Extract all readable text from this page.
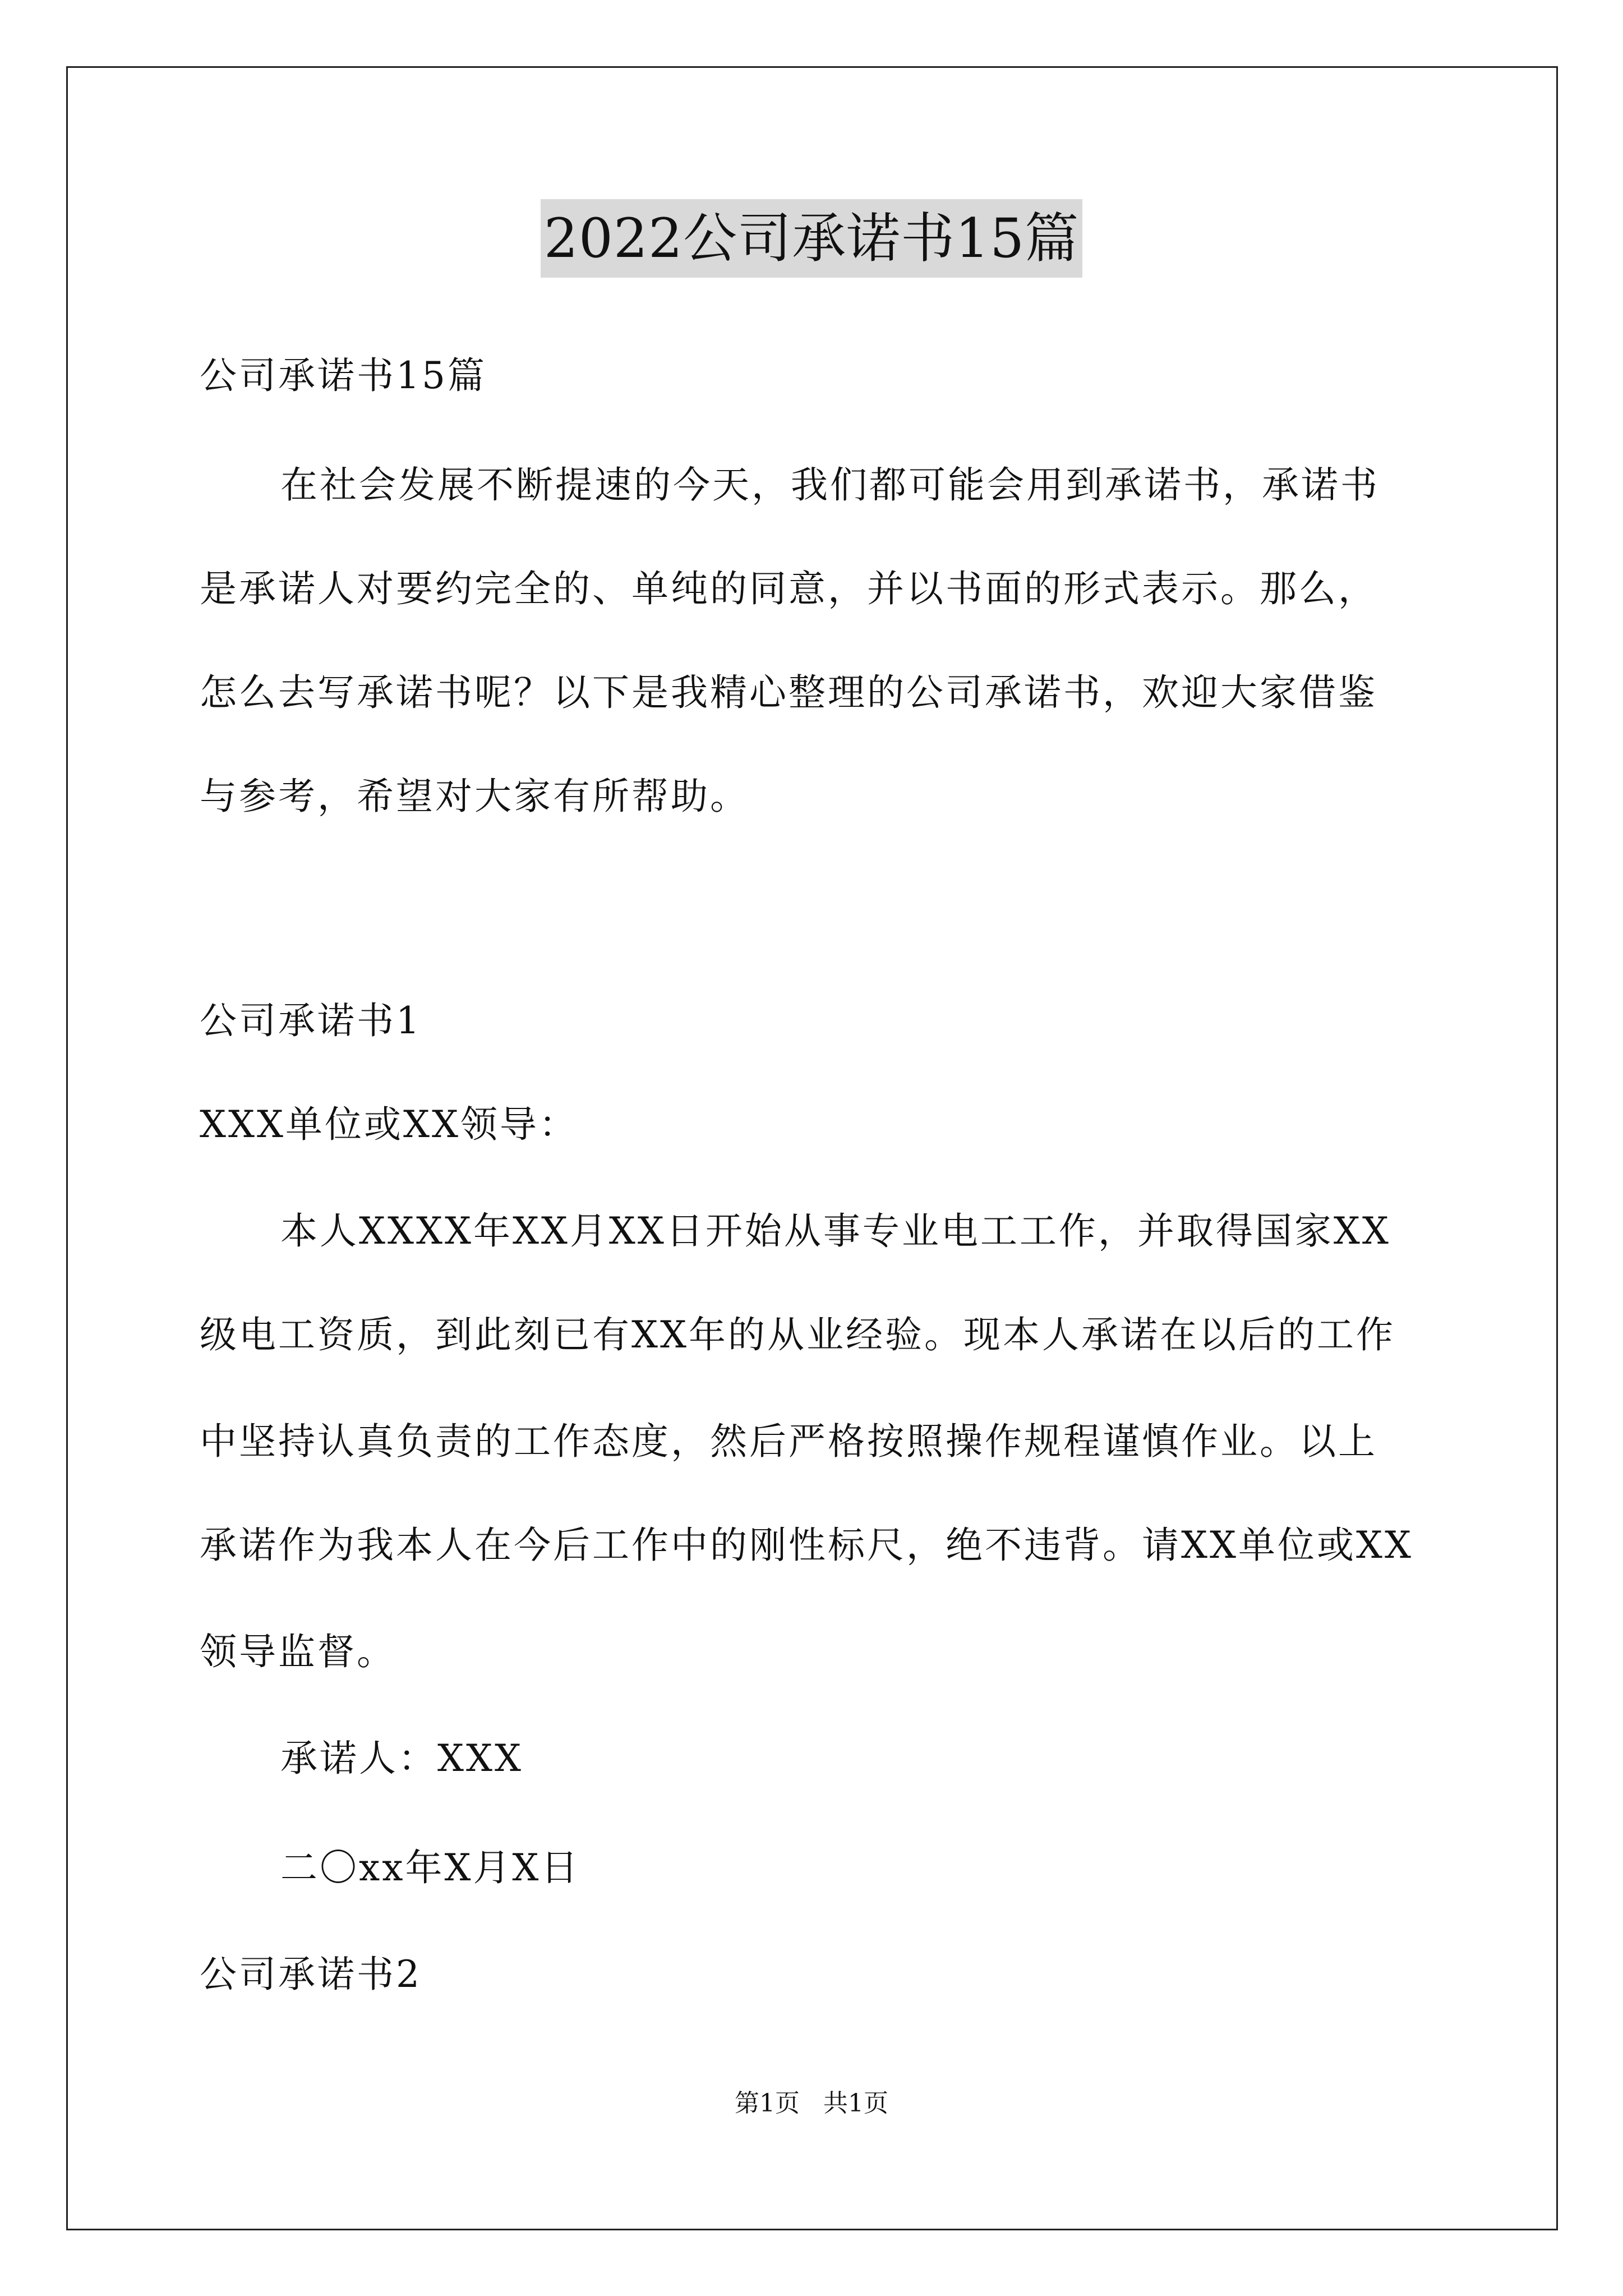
2022公司承诺书15篇
公司承诺书15篇
在社会发展不断提速的今天，我们都可能会用到承诺书，承诺书
是承诺人对要约完全的、单纯的同意，并以书面的形式表示。那么，
怎么去写承诺书呢？以下是我精心整理的公司承诺书，欢迎大家借鉴
与参考，希望对大家有所帮助。
公司承诺书1
XXX单位或XX领导：
本人XXXX年XX月XX日开始从事专业电工工作，并取得国家XX
级电工资质，到此刻已有XX年的从业经验。现本人承诺在以后的工作
中坚持认真负责的工作态度，然后严格按照操作规程谨慎作业。以上
承诺作为我本人在今后工作中的刚性标尺，绝不违背。请XX单位或XX
领导监督。
承诺人：XXX
二〇xx年X月X日
公司承诺书2
第1页   共1页
